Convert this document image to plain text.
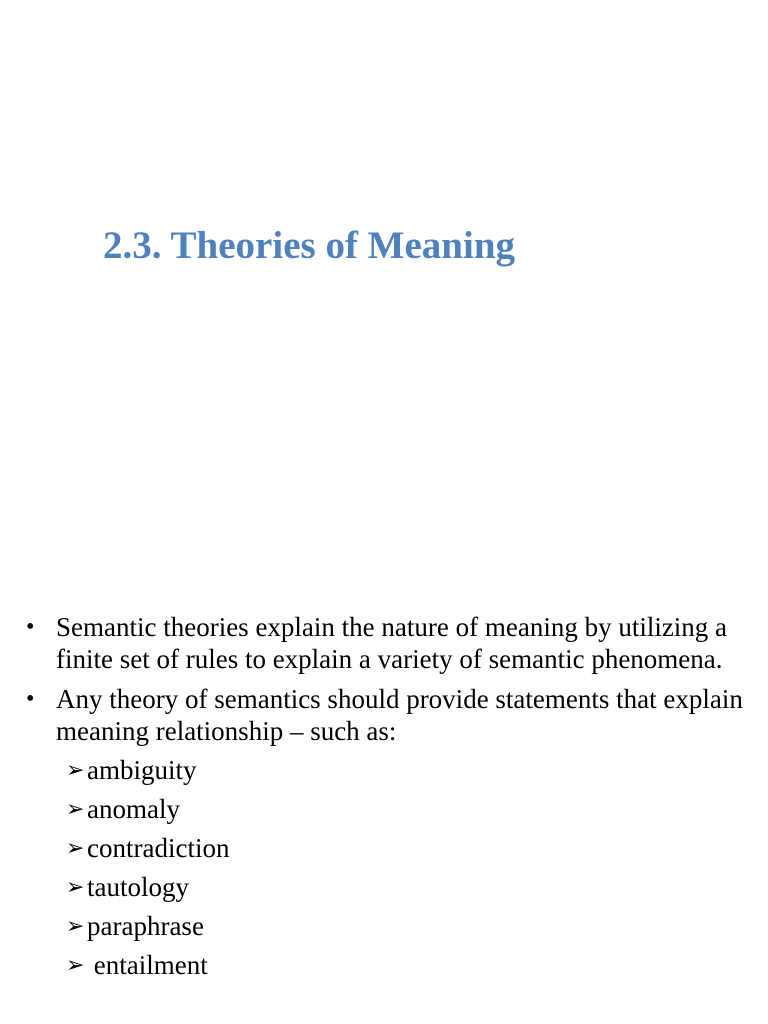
2.3. Theories of Meaning
• Semantic theories explain the nature of meaning by utilizing a finite set of rules to explain a variety of semantic phenomena.
• Any theory of semantics should provide statements that explain meaning relationship – such as:
➢ambiguity
➢anomaly
➢contradiction
➢tautology
➢paraphrase
➢ entailment
